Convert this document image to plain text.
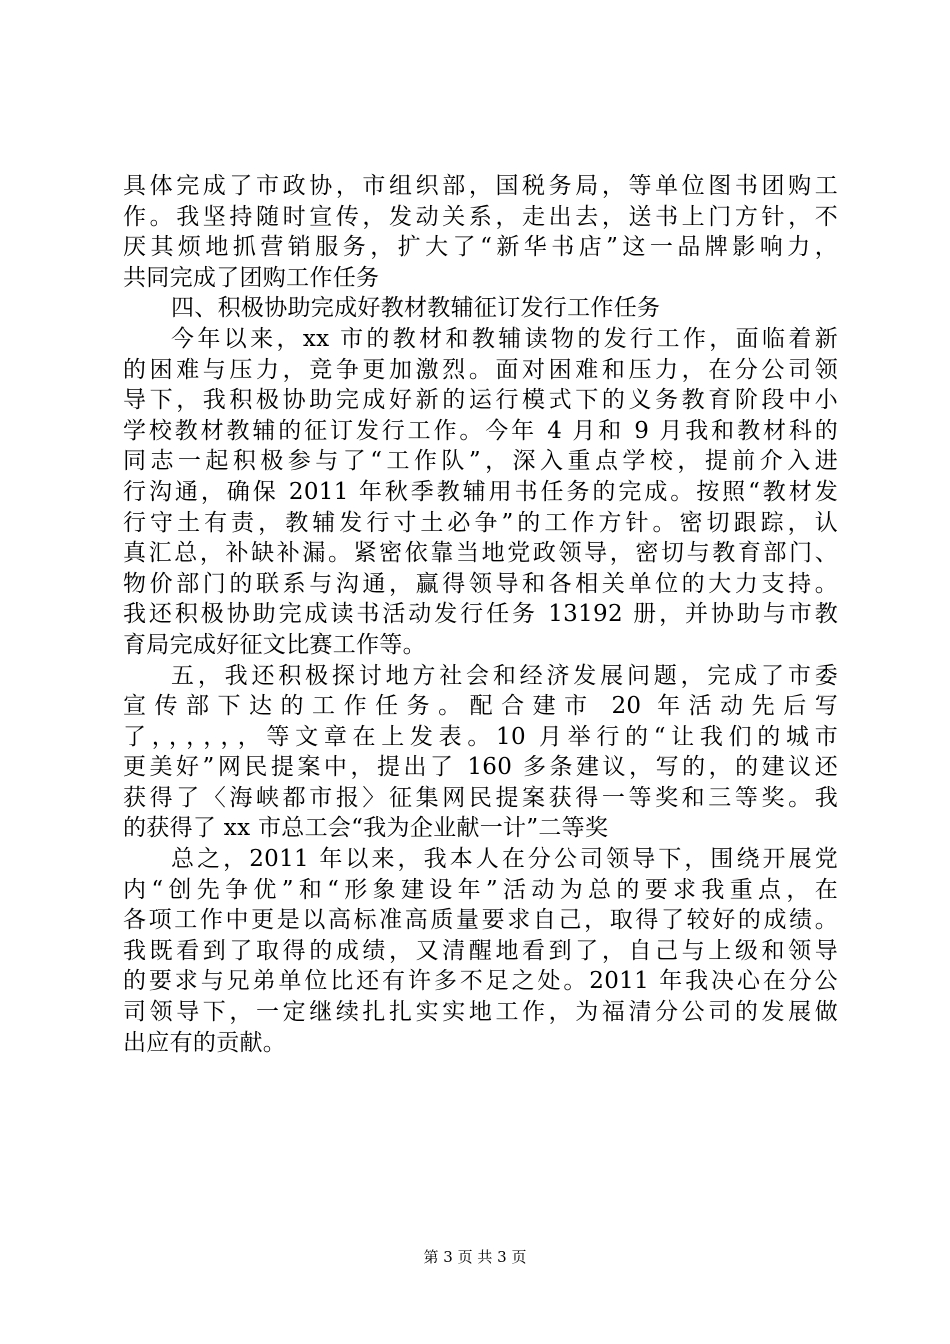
具体完成了市政协，市组织部，国税务局，等单位图书团购工
作。我坚持随时宣传，发动关系，走出去，送书上门方针，不
厌其烦地抓营销服务，扩大了“新华书店”这一品牌影响力，
共同完成了团购工作任务
四、积极协助完成好教材教辅征订发行工作任务
今年以来，xx 市的教材和教辅读物的发行工作，面临着新
的困难与压力，竞争更加激烈。面对困难和压力，在分公司领
导下，我积极协助完成好新的运行模式下的义务教育阶段中小
学校教材教辅的征订发行工作。今年 4 月和 9 月我和教材科的
同志一起积极参与了“工作队”，深入重点学校，提前介入进
行沟通，确保 2011 年秋季教辅用书任务的完成。按照“教材发
行守土有责，教辅发行寸土必争”的工作方针。密切跟踪，认
真汇总，补缺补漏。紧密依靠当地党政领导，密切与教育部门、
物价部门的联系与沟通，赢得领导和各相关单位的大力支持。
我还积极协助完成读书活动发行任务 13192 册，并协助与市教
育局完成好征文比赛工作等。
五，我还积极探讨地方社会和经济发展问题，完成了市委
宣传部下达的工作任务。配合建市 20 年活动先后写
了，，，，，，等文章在上发表。10 月举行的“让我们的城市
更美好”网民提案中，提出了 160 多条建议，写的，的建议还
获得了〈海峡都市报〉征集网民提案获得一等奖和三等奖。我
的获得了 xx 市总工会“我为企业献一计”二等奖
总之，2011 年以来，我本人在分公司领导下，围绕开展党
内“创先争优”和“形象建设年”活动为总的要求我重点，在
各项工作中更是以高标准高质量要求自己，取得了较好的成绩。
我既看到了取得的成绩，又清醒地看到了，自己与上级和领导
的要求与兄弟单位比还有许多不足之处。2011 年我决心在分公
司领导下，一定继续扎扎实实地工作，为福清分公司的发展做
出应有的贡献。
第 3 页 共 3 页
